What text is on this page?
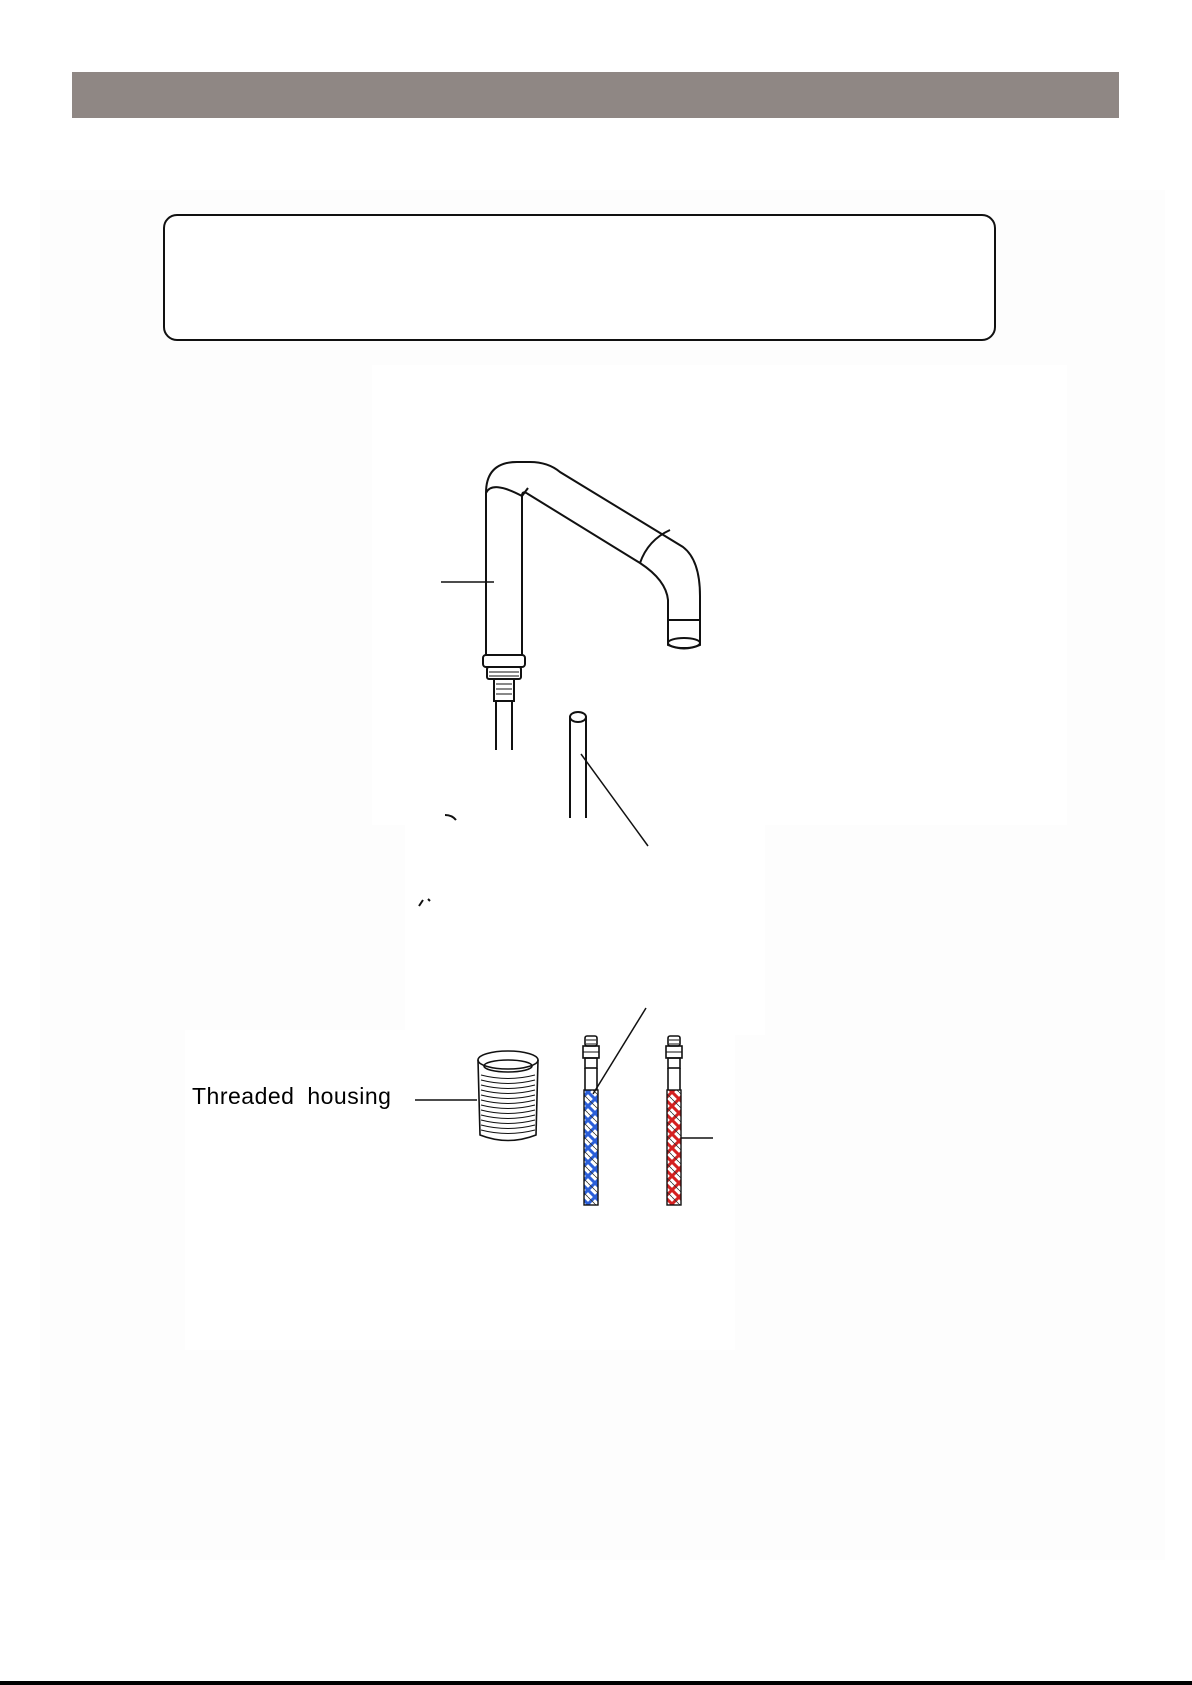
Threaded housing
